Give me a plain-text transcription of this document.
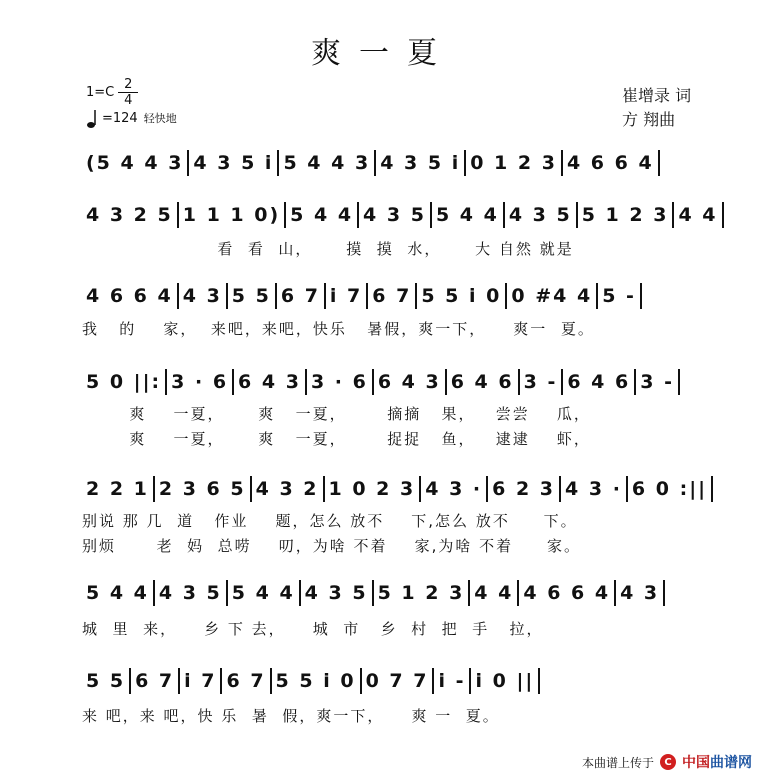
爽一夏
$1=C \frac{2}{4}$
=124 轻快地
崔增录 词
方 翔曲
(5 4 4 3 4 3 5 i 5 4 4 3 4 3 5 i 0 1 2 3 4 6 6 4
4 3 2 5 1 1 1 0) 5 4 4 4 3 5 5 4 4 4 3 5 5 1 2 3 4 4
看  看  山，     摸  摸  水，     大 自然 就是
4 6 6 4 4 3 5 5 6 7 i 7 6 7 5 5 i 0 0 #4 4 5 -
我   的    家，  来吧，来吧，快乐   暑假，爽一下，    爽一  夏。
5 0 ||: 3 · 6 6 4 3 3 · 6 6 4 3 6 4 6 3 - 6 4 6 3 -
爽    一夏，     爽   一夏，      摘摘   果，   尝尝    瓜，
爽    一夏，     爽   一夏，      捉捉   鱼，   逮逮    虾，
2 2 1 2 3 6 5 4 3 2 1 0 2 3 4 3 · 6 2 3 4 3 · 6 0 :||
别说 那 几  道   作业    题，怎么 放不    下,怎么 放不     下。
别烦      老  妈  总唠    叨，为啥 不着    家,为啥 不着     家。
5 4 4 4 3 5 5 4 4 4 3 5 5 1 2 3 4 4 4 6 6 4 4 3
城  里  来，    乡 下 去，    城  市   乡  村  把  手   拉，
5 5 6 7 i 7 6 7 5 5 i 0 0 7 7 i - i 0 ||
来 吧，来 吧，快 乐  暑  假，爽一下，    爽 一  夏。
本曲谱上传于	C 中国曲谱网
